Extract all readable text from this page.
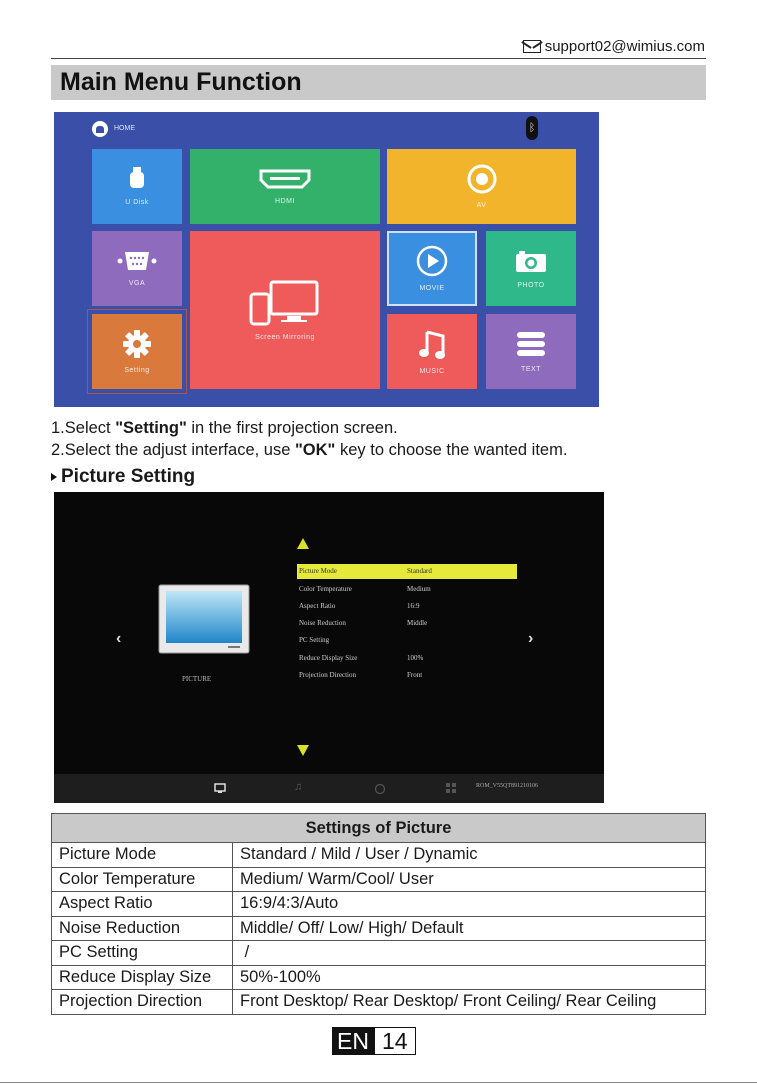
support02@wimius.com
Main Menu Function
HOME	ᛒ
U Disk	HDMI
AV
VGA
Screen Mirroring
MOVIE	PHOTO
Setting	MUSIC	TEXT
1.Select "Setting" in the first projection screen.
2.Select the adjust interface, use "OK" key to choose the wanted item.
Picture Setting
‹	›
PICTURE
Picture Mode	Standard
Color Temperature	Medium
Aspect Ratio	16:9
Noise Reduction	Middle
PC Setting
Reduce Display Size	100%
Projection Direction	Front
♫	ROM_V55QT891210106
Settings of Picture	
Picture Mode	Standard / Mild / User / Dynamic
Color Temperature	Medium/ Warm/Cool/ User
Aspect Ratio	16:9/4:3/Auto
Noise Reduction	Middle/ Off/ Low/ High/ Default
PC Setting	/
Reduce Display Size	50%-100%
Projection Direction	Front Desktop/ Rear Desktop/ Front Ceiling/ Rear Ceiling
EN 14
